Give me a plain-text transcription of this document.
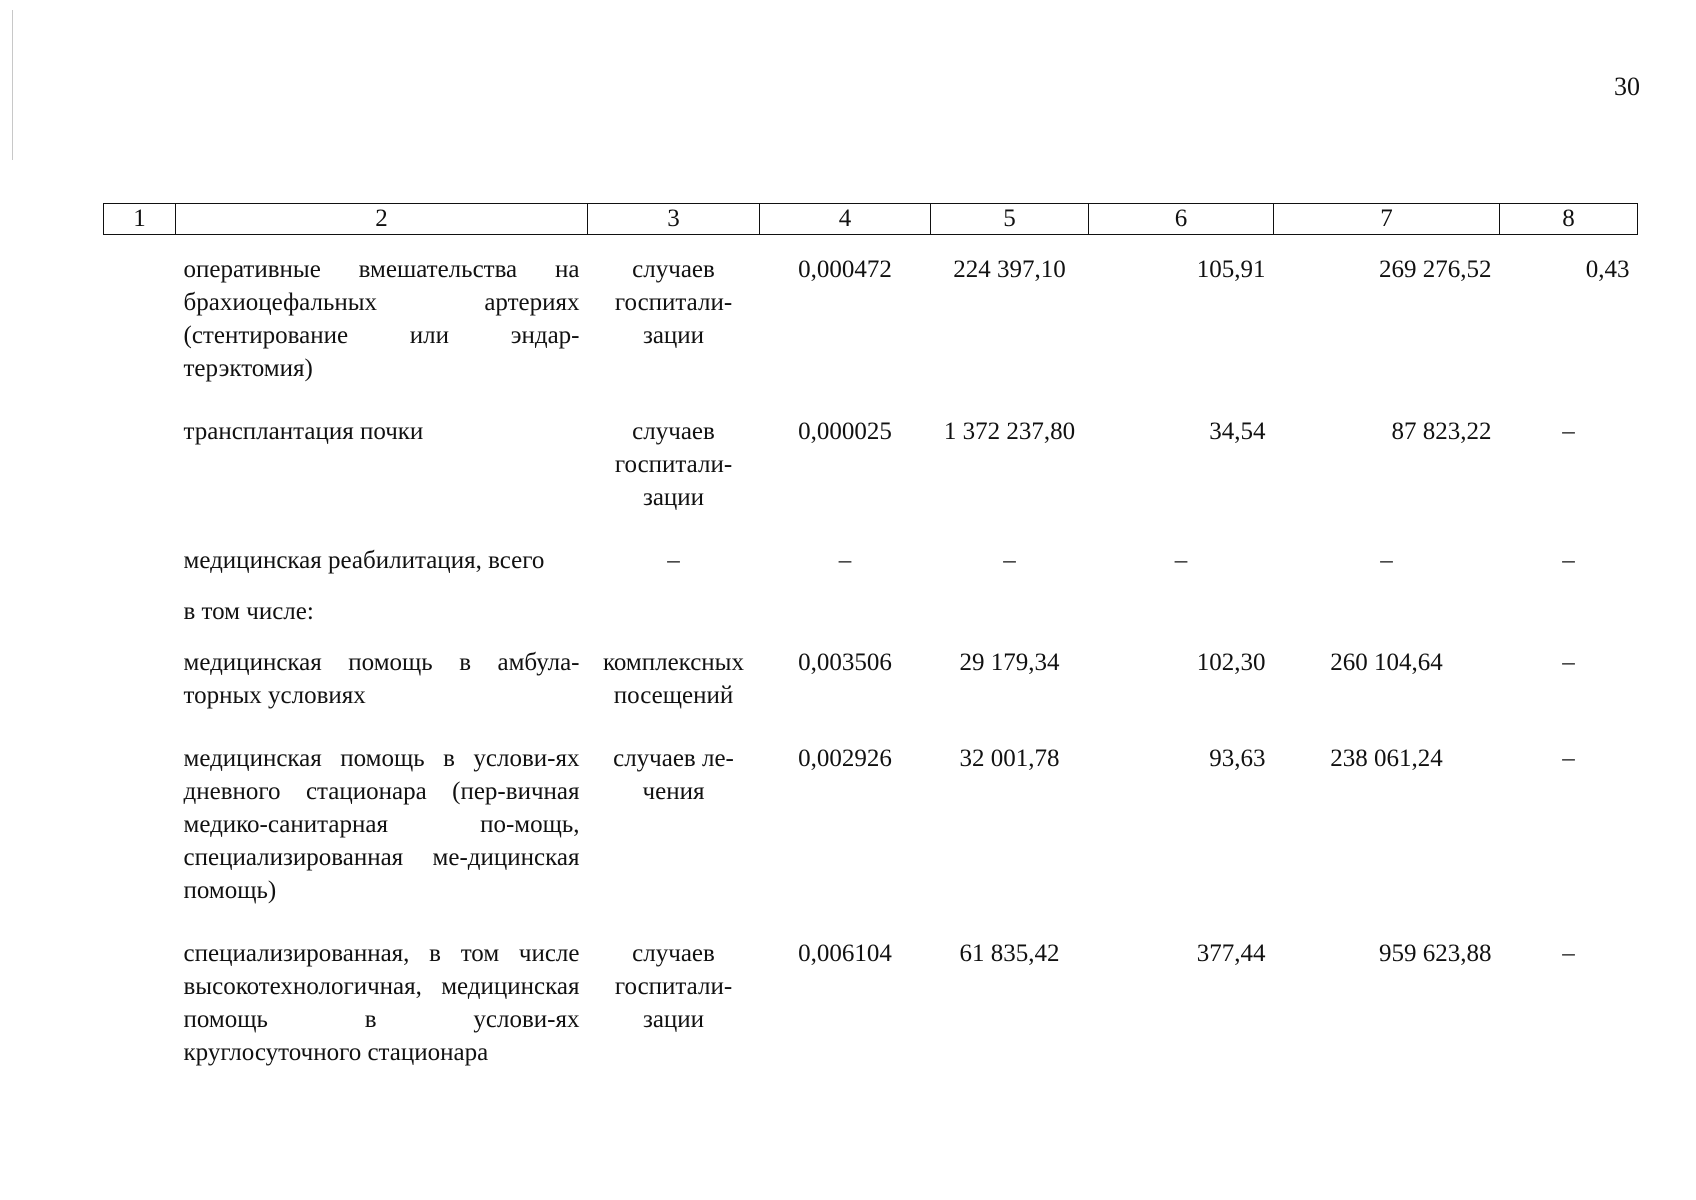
30
1	2	3	4	5	6	7	8

	оперативные вмешательства на брахиоцефальных артериях (стентирование или эндар-терэктомия)	случаев госпитали-зации	0,000472	224 397,10	105,91	269 276,52	0,43

	трансплантация почки	случаев госпитали-зации	0,000025	1 372 237,80	34,54	87 823,22	–

	медицинская реабилитация, всего	–	–	–	–	–	–

	в том числе:						

	медицинская помощь в амбула-торных условиях	комплексных посещений	0,003506	29 179,34	102,30	260 104,64	–

	медицинская помощь в услови-ях дневного стационара (пер-вичная медико-санитарная по-мощь, специализированная ме-дицинская помощь)	случаев ле-чения	0,002926	32 001,78	93,63	238 061,24	–

	специализированная, в том числе высокотехнологичная, медицинская помощь в услови-ях круглосуточного стационара	случаев госпитали-зации	0,006104	61 835,42	377,44	959 623,88	–
